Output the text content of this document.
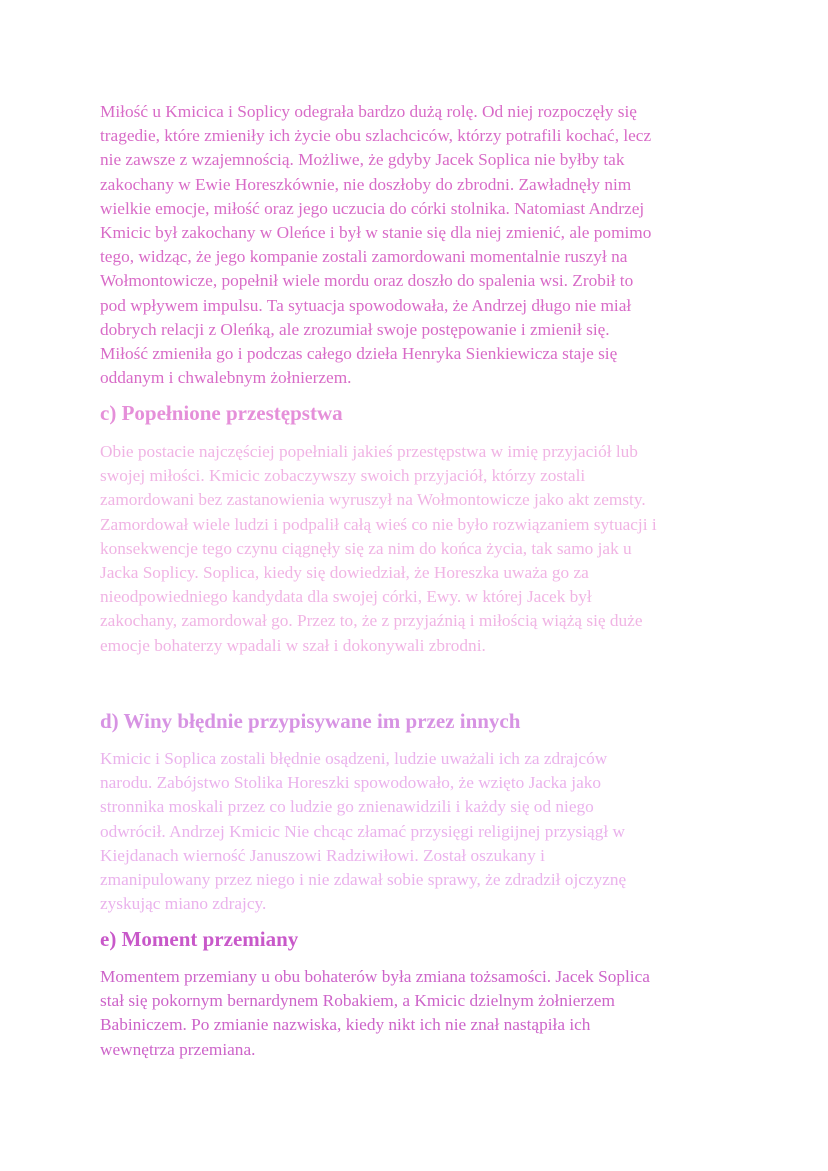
Miłość u Kmicica i Soplicy odegrała bardzo dużą rolę. Od niej rozpoczęły się
tragedie, które zmieniły ich życie obu szlachciców, którzy potrafili kochać, lecz
nie zawsze z wzajemnością. Możliwe, że gdyby Jacek Soplica nie byłby tak
zakochany w Ewie Horeszkównie, nie doszłoby do zbrodni. Zawładnęły nim
wielkie emocje, miłość oraz jego uczucia do córki stolnika. Natomiast Andrzej
Kmicic był zakochany w Oleńce i był w stanie się dla niej zmienić, ale pomimo
tego, widząc, że jego kompanie zostali zamordowani momentalnie ruszył na
Wołmontowicze, popełnił wiele mordu oraz doszło do spalenia wsi. Zrobił to
pod wpływem impulsu. Ta sytuacja spowodowała, że Andrzej długo nie miał
dobrych relacji z Oleńką, ale zrozumiał swoje postępowanie i zmienił się.
Miłość zmieniła go i podczas całego dzieła Henryka Sienkiewicza staje się
oddanym i chwalebnym żołnierzem.

c) Popełnione przestępstwa

Obie postacie najczęściej popełniali jakieś przestępstwa w imię przyjaciół lub
swojej miłości. Kmicic zobaczywszy swoich przyjaciół, którzy zostali
zamordowani bez zastanowienia wyruszył na Wołmontowicze jako akt zemsty.
Zamordował wiele ludzi i podpalił całą wieś co nie było rozwiązaniem sytuacji i
konsekwencje tego czynu ciągnęły się za nim do końca życia, tak samo jak u
Jacka Soplicy. Soplica, kiedy się dowiedział, że Horeszka uważa go za
nieodpowiedniego kandydata dla swojej córki, Ewy. w której Jacek był
zakochany, zamordował go. Przez to, że z przyjaźnią i miłością wiążą się duże
emocje bohaterzy wpadali w szał i dokonywali zbrodni.

d) Winy błędnie przypisywane im przez innych

Kmicic i Soplica zostali błędnie osądzeni, ludzie uważali ich za zdrajców
narodu. Zabójstwo Stolika Horeszki spowodowało, że wzięto Jacka jako
stronnika moskali przez co ludzie go znienawidzili i każdy się od niego
odwrócił. Andrzej Kmicic Nie chcąc złamać przysięgi religijnej przysiągł w
Kiejdanach wierność Januszowi Radziwiłowi. Został oszukany i
zmanipulowany przez niego i nie zdawał sobie sprawy, że zdradził ojczyznę
zyskując miano zdrajcy.

e) Moment przemiany

Momentem przemiany u obu bohaterów była zmiana tożsamości. Jacek Soplica
stał się pokornym bernardynem Robakiem, a Kmicic dzielnym żołnierzem
Babiniczem. Po zmianie nazwiska, kiedy nikt ich nie znał nastąpiła ich
wewnętrza przemiana.
